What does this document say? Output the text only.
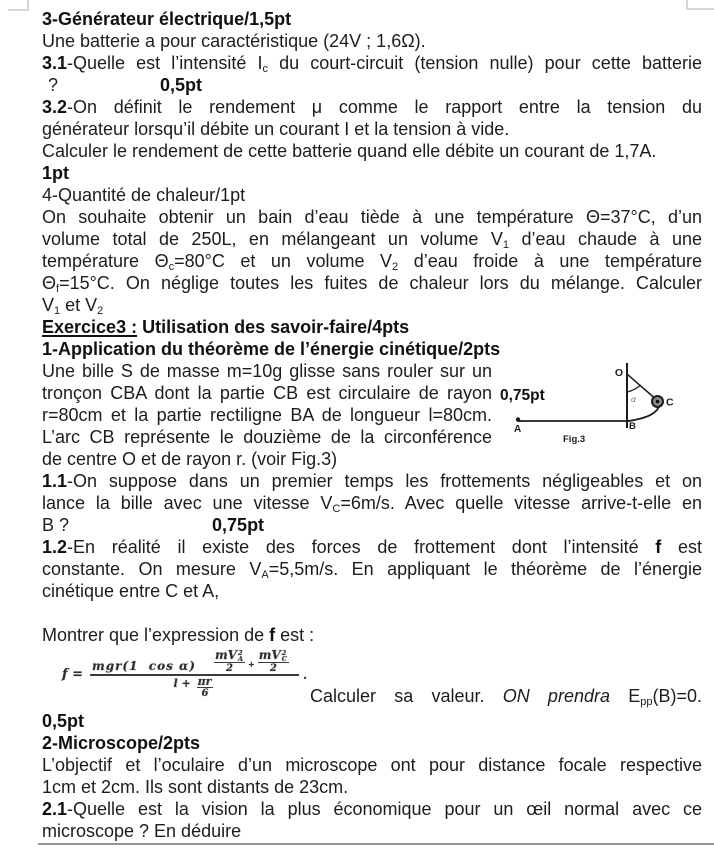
3-Générateur électrique/1,5pt
Une batterie a pour caractéristique (24V ; 1,6Ω).
3.1-Quelle est l’intensité Ic du court-circuit (tension nulle) pour cette batterie
?	0,5pt
3.2-On définit le rendement μ comme le rapport entre la tension du
générateur lorsqu’il débite un courant I et la tension à vide.
Calculer le rendement de cette batterie quand elle débite un courant de 1,7A.
1pt
4-Quantité de chaleur/1pt
On souhaite obtenir un bain d’eau tiède à une température Θ=37°C, d’un
volume total de 250L, en mélangeant un volume V1 d’eau chaude à une
température Θc=80°C et un volume V2 d’eau froide à une température
Θf=15°C. On néglige toutes les fuites de chaleur lors du mélange. Calculer
V1 et V2
Exercice3 : Utilisation des savoir-faire/4pts
1-Application du théorème de l’énergie cinétique/2pts
Une bille S de masse m=10g glisse sans rouler sur un
tronçon CBA dont la partie CB est circulaire de rayon
r=80cm et la partie rectiligne BA de longueur l=80cm.
L’arc CB représente le douzième de la circonférence
de centre O et de rayon r. (voir Fig.3)
1.1-On suppose dans un premier temps les frottements négligeables et on
lance la bille avec une vitesse VC=6m/s. Avec quelle vitesse arrive-t-elle en
B ?	0,75pt
1.2-En réalité il existe des forces de frottement dont l’intensité f est
constante. On mesure VA=5,5m/s. En appliquant le théorème de l’énergie
cinétique entre C et A,
Montrer que l’expression de f est :
f =
mgr(1  cos α)
mV 2
A
2 +
mV 2
C
2
$l + \frac{\pi r}{6}$
.
Calculer sa valeur. ON prendra Epp(B)=0.
0,5pt
2-Microscope/2pts
L’objectif et l’oculaire d’un microscope ont pour distance focale respective
1cm et 2cm. Ils sont distants de 23cm.
2.1-Quelle est la vision la plus économique pour un œil normal avec ce
microscope ? En déduire
0,75pt
O
α	C
A	B
Fig.3
